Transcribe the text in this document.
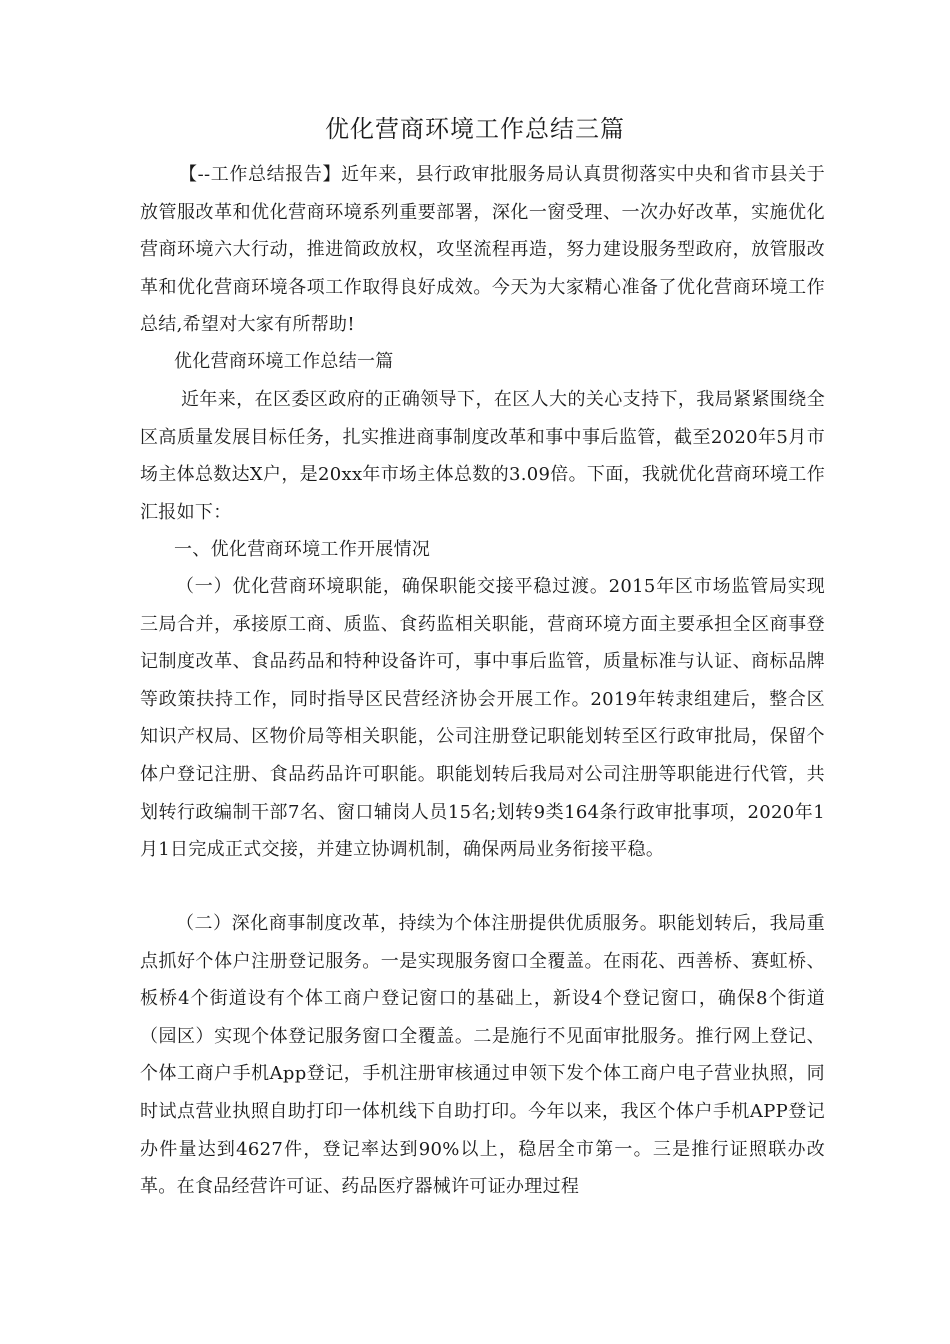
优化营商环境工作总结三篇

【--工作总结报告】近年来，县行政审批服务局认真贯彻落实中央和省市县关于放管服改革和优化营商环境系列重要部署，深化一窗受理、一次办好改革，实施优化营商环境六大行动，推进简政放权，攻坚流程再造，努力建设服务型政府，放管服改革和优化营商环境各项工作取得良好成效。今天为大家精心准备了优化营商环境工作总结,希望对大家有所帮助!

优化营商环境工作总结一篇

近年来，在区委区政府的正确领导下，在区人大的关心支持下，我局紧紧围绕全区高质量发展目标任务，扎实推进商事制度改革和事中事后监管，截至2020年5月市场主体总数达X户，是20xx年市场主体总数的3.09倍。下面，我就优化营商环境工作汇报如下：

一、优化营商环境工作开展情况

（一）优化营商环境职能，确保职能交接平稳过渡。2015年区市场监管局实现三局合并，承接原工商、质监、食药监相关职能，营商环境方面主要承担全区商事登记制度改革、食品药品和特种设备许可，事中事后监管，质量标准与认证、商标品牌等政策扶持工作，同时指导区民营经济协会开展工作。2019年转隶组建后，整合区知识产权局、区物价局等相关职能，公司注册登记职能划转至区行政审批局，保留个体户登记注册、食品药品许可职能。职能划转后我局对公司注册等职能进行代管，共划转行政编制干部7名、窗口辅岗人员15名;划转9类164条行政审批事项，2020年1月1日完成正式交接，并建立协调机制，确保两局业务衔接平稳。

（二）深化商事制度改革，持续为个体注册提供优质服务。职能划转后，我局重点抓好个体户注册登记服务。一是实现服务窗口全覆盖。在雨花、西善桥、赛虹桥、板桥4个街道设有个体工商户登记窗口的基础上，新设4个登记窗口，确保8个街道（园区）实现个体登记服务窗口全覆盖。二是施行不见面审批服务。推行网上登记、个体工商户手机App登记，手机注册审核通过申领下发个体工商户电子营业执照，同时试点营业执照自助打印一体机线下自助打印。今年以来，我区个体户手机APP登记办件量达到4627件，登记率达到90%以上，稳居全市第一。三是推行证照联办改革。在食品经营许可证、药品医疗器械许可证办理过程
